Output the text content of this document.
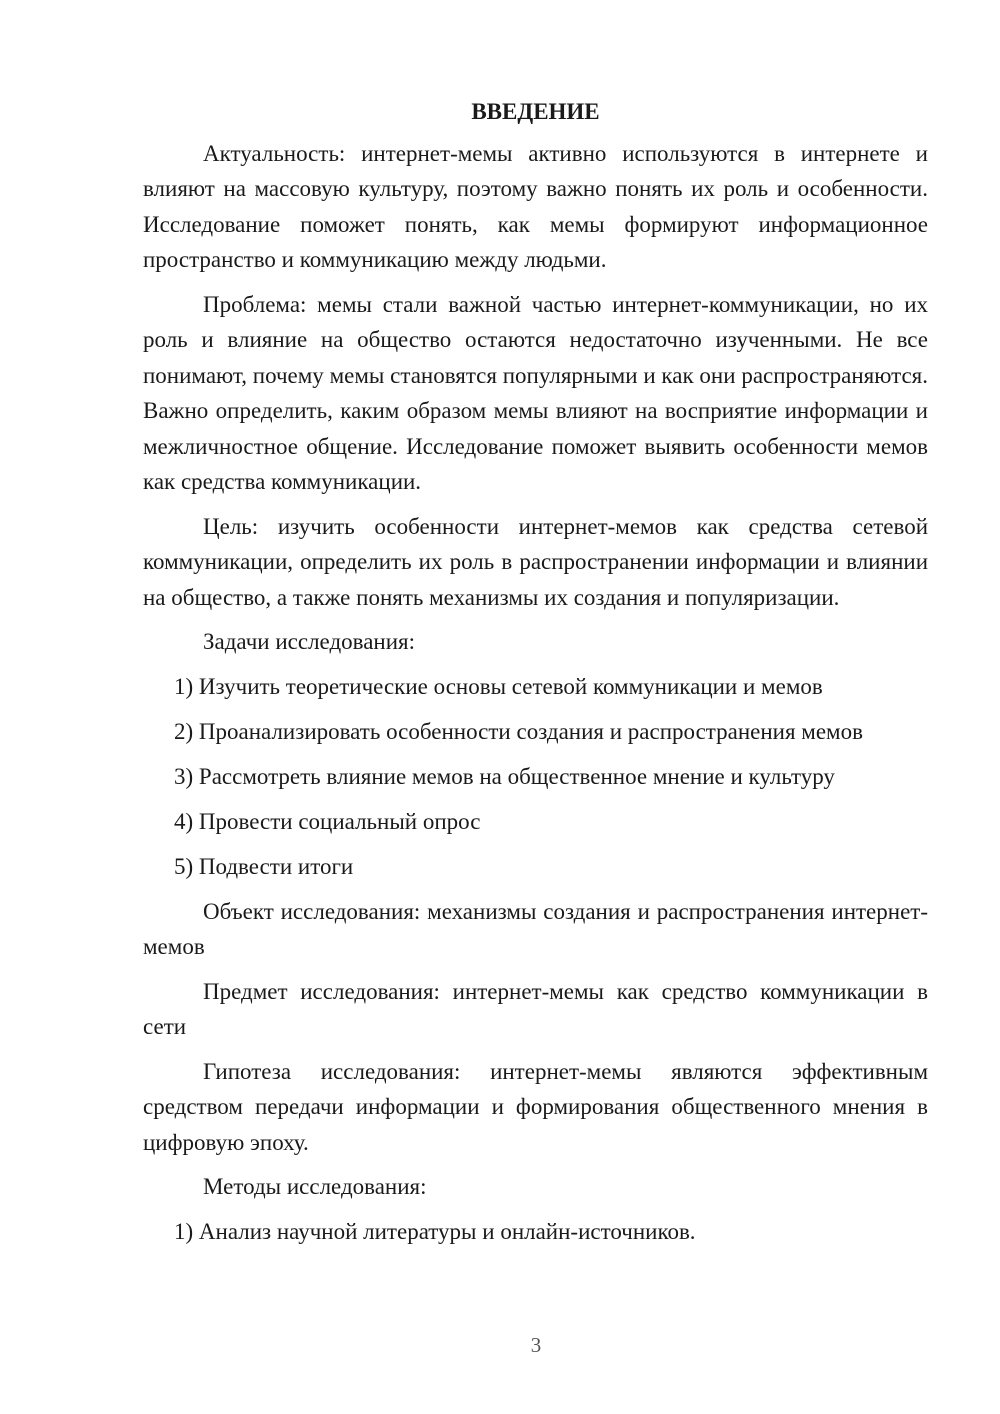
ВВЕДЕНИЕ

Актуальность: интернет-мемы активно используются в интернете и влияют на массовую культуру, поэтому важно понять их роль и особенности. Исследование поможет понять, как мемы формируют информационное пространство и коммуникацию между людьми.

Проблема: мемы стали важной частью интернет-коммуникации, но их роль и влияние на общество остаются недостаточно изученными. Не все понимают, почему мемы становятся популярными и как они распространяются. Важно определить, каким образом мемы влияют на восприятие информации и межличностное общение. Исследование поможет выявить особенности мемов как средства коммуникации.

Цель: изучить особенности интернет-мемов как средства сетевой коммуникации, определить их роль в распространении информации и влиянии на общество, а также понять механизмы их создания и популяризации.

Задачи исследования:

1) Изучить теоретические основы сетевой коммуникации и мемов
2) Проанализировать особенности создания и распространения мемов
3) Рассмотреть влияние мемов на общественное мнение и культуру
4) Провести социальный опрос
5) Подвести итоги

Объект исследования: механизмы создания и распространения интернет-мемов

Предмет исследования: интернет-мемы как средство коммуникации в сети

Гипотеза исследования: интернет-мемы являются эффективным средством передачи информации и формирования общественного мнения в цифровую эпоху.

Методы исследования:

1) Анализ научной литературы и онлайн-источников.
3
